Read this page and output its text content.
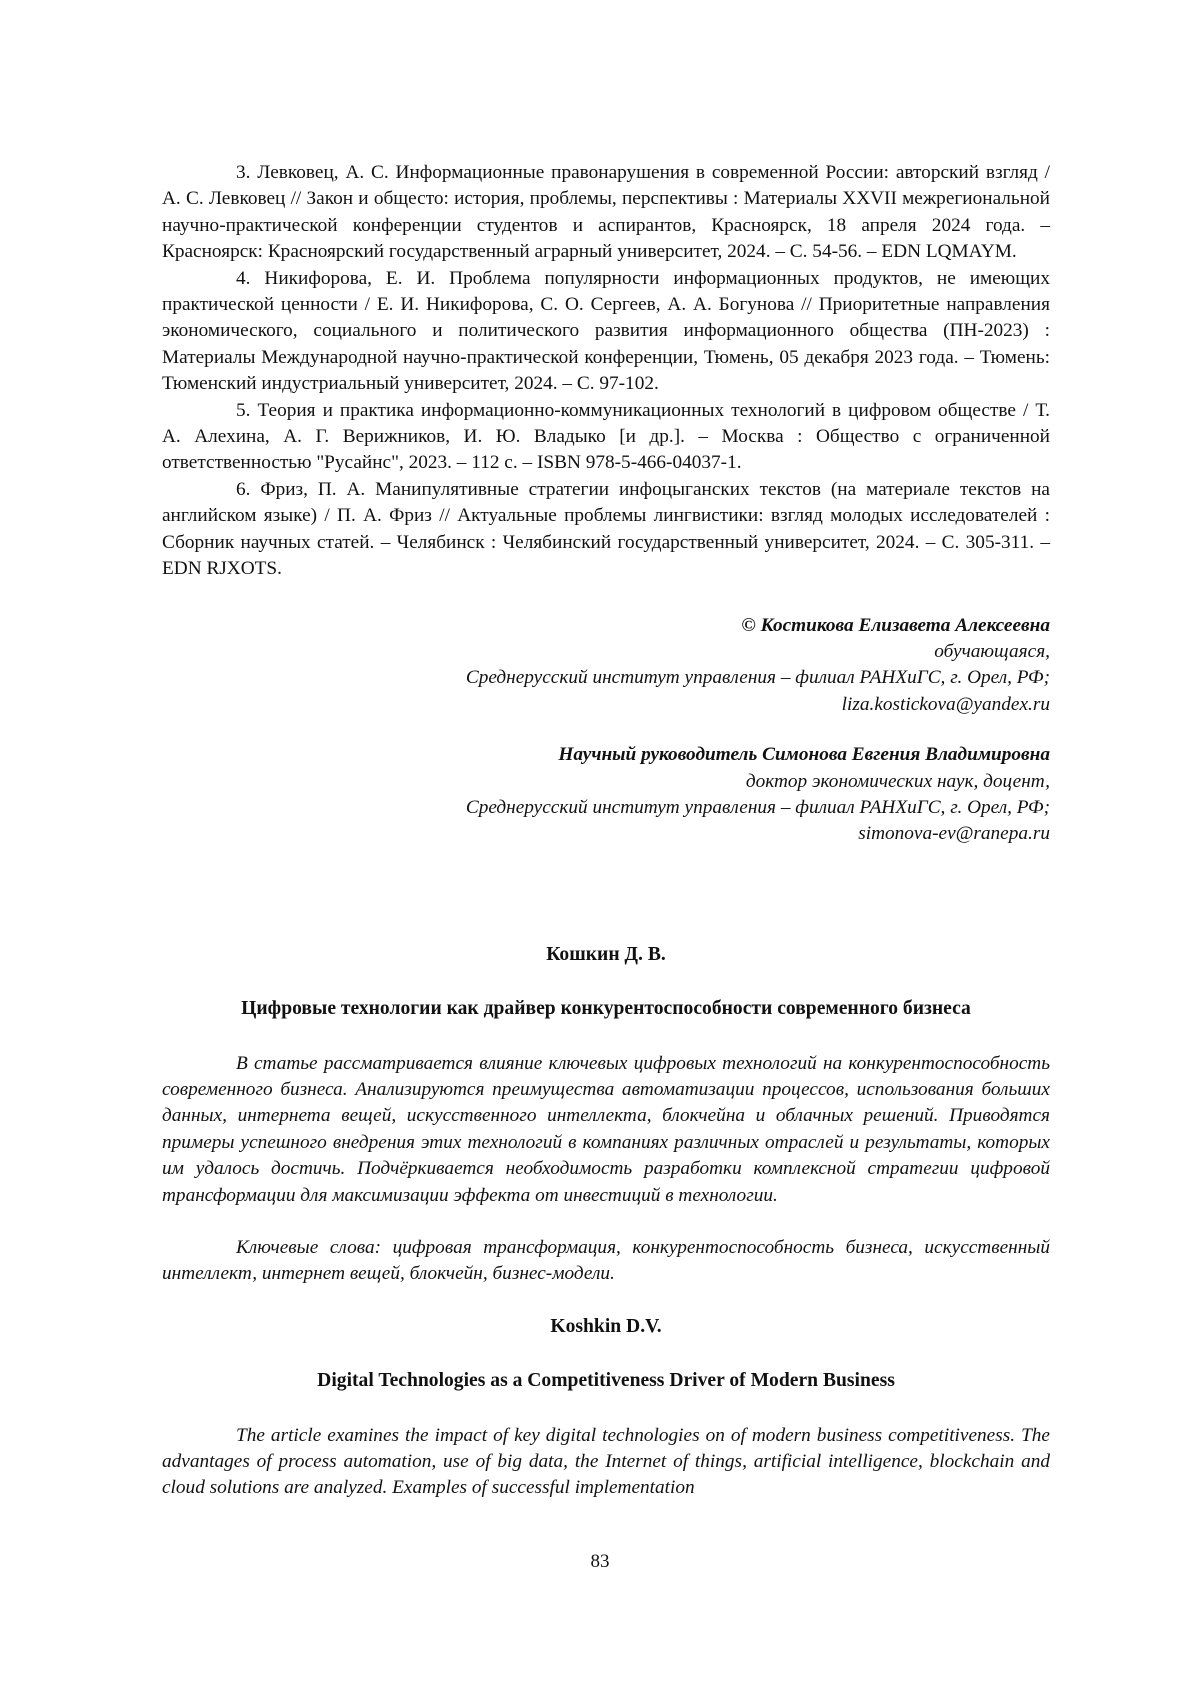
3. Левковец, А. С. Информационные правонарушения в современной России: авторский взгляд / А. С. Левковец // Закон и общесто: история, проблемы, перспективы : Материалы XXVII межрегиональной научно-практической конференции студентов и аспирантов, Красноярск, 18 апреля 2024 года. – Красноярск: Красноярский государственный аграрный университет, 2024. – С. 54-56. – EDN LQMAYM.

4. Никифорова, Е. И. Проблема популярности информационных продуктов, не имеющих практической ценности / Е. И. Никифорова, С. О. Сергеев, А. А. Богунова // Приоритетные направления экономического, социального и политического развития информационного общества (ПН-2023) : Материалы Международной научно-практической конференции, Тюмень, 05 декабря 2023 года. – Тюмень: Тюменский индустриальный университет, 2024. – С. 97-102.

5. Теория и практика информационно-коммуникационных технологий в цифровом обществе / Т. А. Алехина, А. Г. Верижников, И. Ю. Владыко [и др.]. – Москва : Общество с ограниченной ответственностью "Русайнс", 2023. – 112 с. – ISBN 978-5-466-04037-1.

6. Фриз, П. А. Манипулятивные стратегии инфоцыганских текстов (на материале текстов на английском языке) / П. А. Фриз // Актуальные проблемы лингвистики: взгляд молодых исследователей : Сборник научных статей. – Челябинск : Челябинский государственный университет, 2024. – С. 305-311. – EDN RJXOTS.

© Костикова Елизавета Алексеевна
обучающаяся,
Среднерусский институт управления – филиал РАНХиГС, г. Орел, РФ;
liza.kostickova@yandex.ru
Научный руководитель Симонова Евгения Владимировна
доктор экономических наук, доцент,
Среднерусский институт управления – филиал РАНХиГС, г. Орел, РФ;
simonova-ev@ranepa.ru
Кошкин Д. В.
Цифровые технологии как драйвер конкурентоспособности современного бизнеса

В статье рассматривается влияние ключевых цифровых технологий на конкурентоспособность современного бизнеса. Анализируются преимущества автоматизации процессов, использования больших данных, интернета вещей, искусственного интеллекта, блокчейна и облачных решений. Приводятся примеры успешного внедрения этих технологий в компаниях различных отраслей и результаты, которых им удалось достичь. Подчёркивается необходимость разработки комплексной стратегии цифровой трансформации для максимизации эффекта от инвестиций в технологии.

Ключевые слова: цифровая трансформация, конкурентоспособность бизнеса, искусственный интеллект, интернет вещей, блокчейн, бизнес-модели.

Koshkin D.V.
Digital Technologies as a Competitiveness Driver of Modern Business

The article examines the impact of key digital technologies on of modern business competitiveness. The advantages of process automation, use of big data, the Internet of things, artificial intelligence, blockchain and cloud solutions are analyzed. Examples of successful implementation

83
